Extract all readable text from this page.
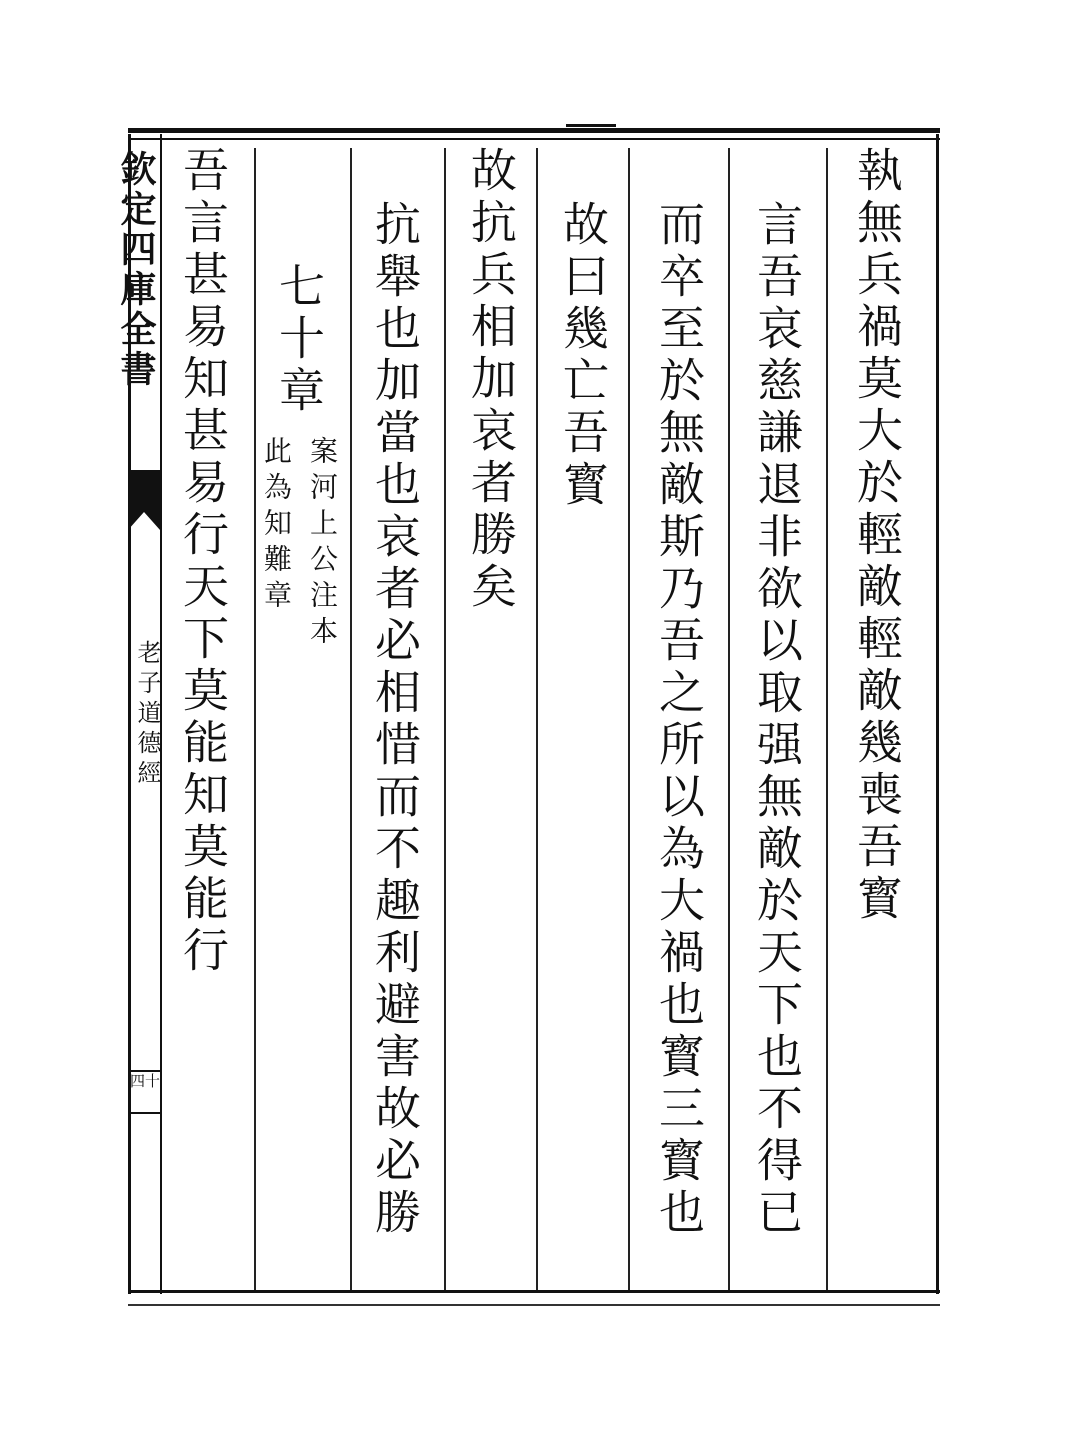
欽定四庫全書
老子道德經
四十
執無兵禍莫大於輕敵輕敵幾喪吾寳
言吾哀慈謙退非欲以取强無敵於天下也不得已
而卒至於無敵斯乃吾之所以為大禍也寳三寳也
故曰幾亡吾寳
故抗兵相加哀者勝矣
抗舉也加當也哀者必相惜而不趣利避害故必勝
七十章
案河上公注本
此為知難章
吾言甚易知甚易行天下莫能知莫能行
